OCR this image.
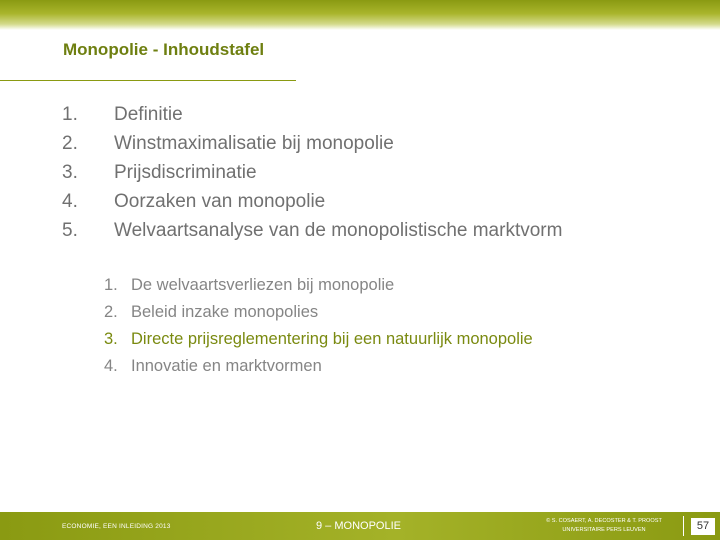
Monopolie - Inhoudstafel
1. Definitie
2. Winstmaximalisatie bij monopolie
3. Prijsdiscriminatie
4. Oorzaken van monopolie
5. Welvaartsanalyse van de monopolistische marktvorm
1. De welvaartsverliezen bij monopolie
2. Beleid inzake monopolies
3. Directe prijsreglementering bij een natuurlijk monopolie
4. Innovatie en marktvormen
ECONOMIE, EEN INLEIDING 2013	9 – MONOPOLIE	© S. COSAERT, A. DECOSTER & T. PROOST
UNIVERSITAIRE PERS LEUVEN	57
